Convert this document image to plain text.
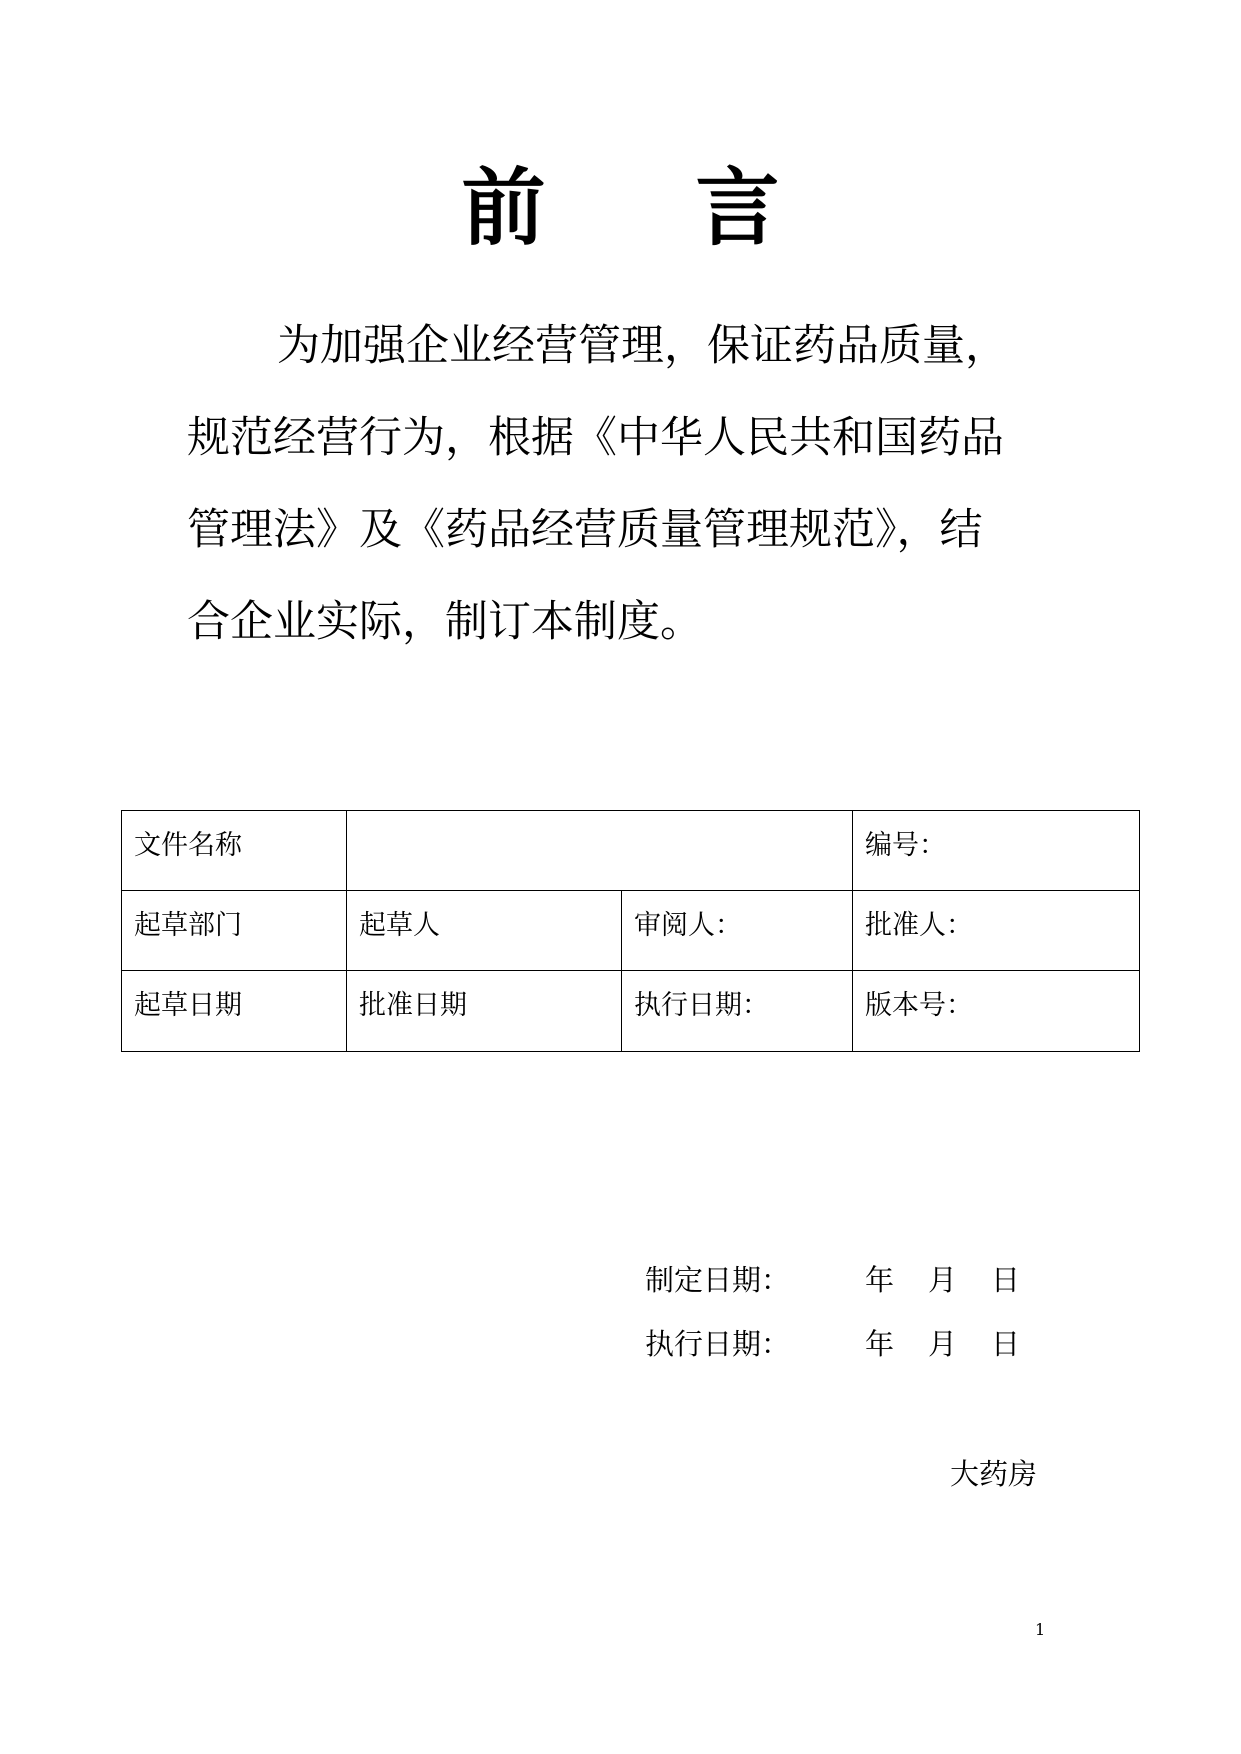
前 言
为加强企业经营管理，保证药品质量，
规范经营行为，根据《中华人民共和国药品
管理法》及《药品经营质量管理规范》，结
合企业实际，制订本制度。
文件名称			编号：
起草部门	起草人	审阅人：	批准人：
起草日期	批准日期	执行日期：	版本号：
制定日期：	年 月 日
执行日期：	年 月 日
大药房
1
